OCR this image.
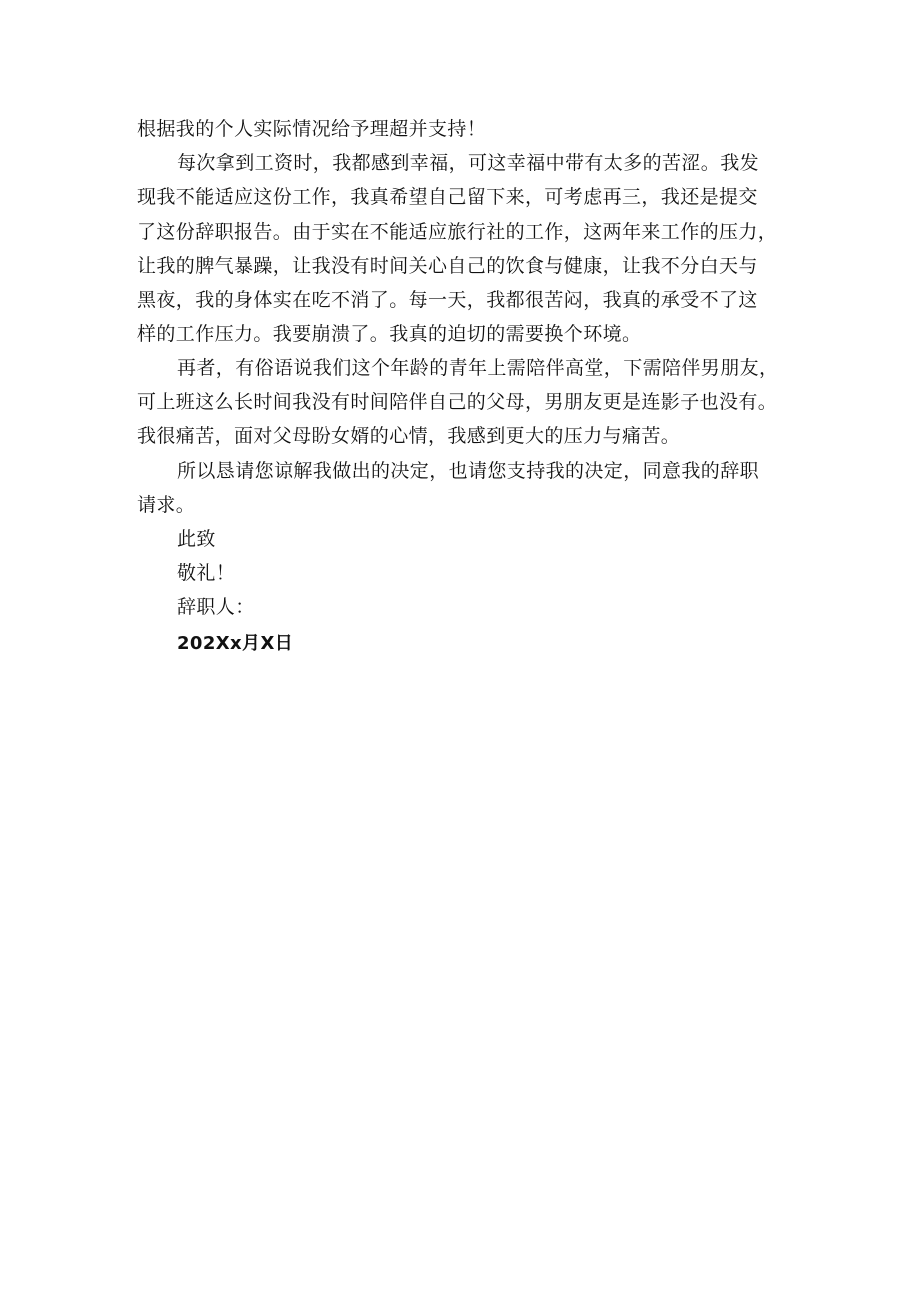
根据我的个人实际情况给予理超并支持！
每次拿到工资时，我都感到幸福，可这幸福中带有太多的苦涩。我发
现我不能适应这份工作，我真希望自己留下来，可考虑再三，我还是提交
了这份辞职报告。由于实在不能适应旅行社的工作，这两年来工作的压力，
让我的脾气暴躁，让我没有时间关心自己的饮食与健康，让我不分白天与
黑夜，我的身体实在吃不消了。每一天，我都很苦闷，我真的承受不了这
样的工作压力。我要崩溃了。我真的迫切的需要换个环境。
再者，有俗语说我们这个年龄的青年上需陪伴高堂，下需陪伴男朋友，
可上班这么长时间我没有时间陪伴自己的父母，男朋友更是连影子也没有。
我很痛苦，面对父母盼女婿的心情，我感到更大的压力与痛苦。
所以恳请您谅解我做出的决定，也请您支持我的决定，同意我的辞职
请求。
此致
敬礼！
辞职人：
202Xx月X日
